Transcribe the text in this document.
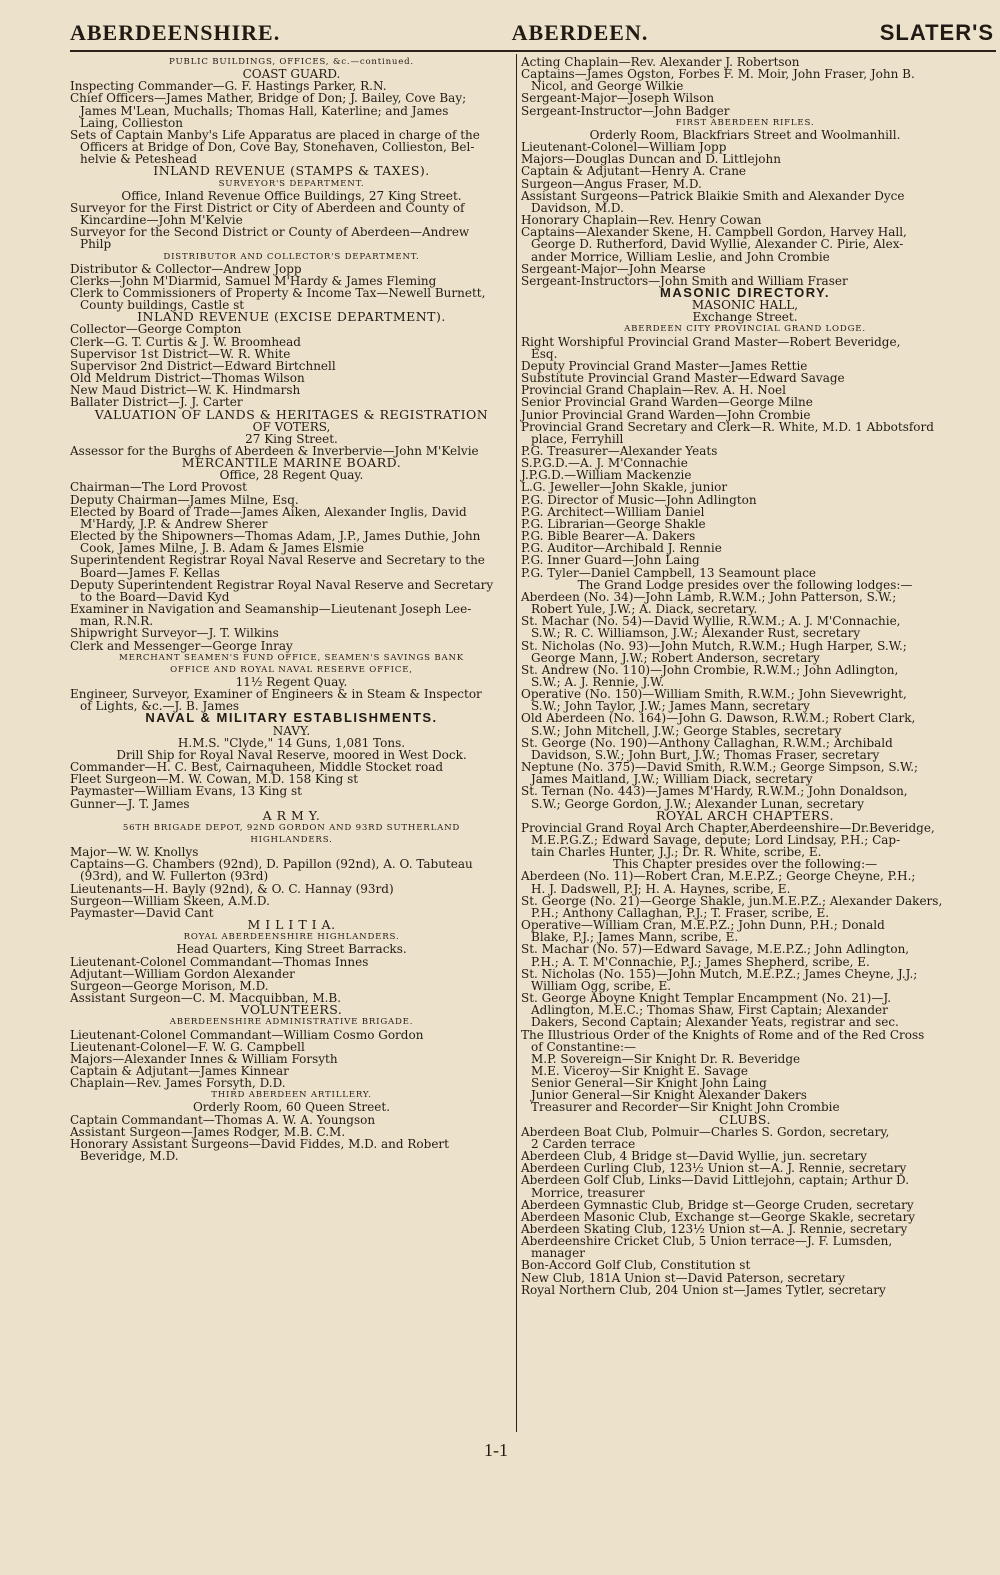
ABERDEENSHIRE.	ABERDEEN.	SLATER'S
PUBLIC BUILDINGS, OFFICES, &c.—continued.
COAST GUARD.
Inspecting Commander—G. F. Hastings Parker, R.N.
Chief Officers—James Mather, Bridge of Don; J. Bailey, Cove Bay;
James M'Lean, Muchalls; Thomas Hall, Katerline; and James
Laing, Collieston
Sets of Captain Manby's Life Apparatus are placed in charge of the
Officers at Bridge of Don, Cove Bay, Stonehaven, Collieston, Bel-
helvie & Peteshead
INLAND REVENUE (STAMPS & TAXES).
SURVEYOR'S DEPARTMENT.
Office, Inland Revenue Office Buildings, 27 King Street.
Surveyor for the First District or City of Aberdeen and County of
Kincardine—John M'Kelvie
Surveyor for the Second District or County of Aberdeen—Andrew
Philp
DISTRIBUTOR AND COLLECTOR'S DEPARTMENT.
Distributor & Collector—Andrew Jopp
Clerks—John M'Diarmid, Samuel M'Hardy & James Fleming
Clerk to Commissioners of Property & Income Tax—Newell Burnett,
County buildings, Castle st
INLAND REVENUE (EXCISE DEPARTMENT).
Collector—George Compton
Clerk—G. T. Curtis & J. W. Broomhead
Supervisor 1st District—W. R. White
Supervisor 2nd District—Edward Birtchnell
Old Meldrum District—Thomas Wilson
New Maud District—W. K. Hindmarsh
Ballater District—J. J. Carter
VALUATION OF LANDS & HERITAGES & REGISTRATION
OF VOTERS,
27 King Street.
Assessor for the Burghs of Aberdeen & Inverbervie—John M'Kelvie
MERCANTILE MARINE BOARD.
Office, 28 Regent Quay.
Chairman—The Lord Provost
Deputy Chairman—James Milne, Esq.
Elected by Board of Trade—James Aiken, Alexander Inglis, David
M'Hardy, J.P. & Andrew Sherer
Elected by the Shipowners—Thomas Adam, J.P., James Duthie, John
Cook, James Milne, J. B. Adam & James Elsmie
Superintendent Registrar Royal Naval Reserve and Secretary to the
Board—James F. Kellas
Deputy Superintendent Registrar Royal Naval Reserve and Secretary
to the Board—David Kyd
Examiner in Navigation and Seamanship—Lieutenant Joseph Lee-
man, R.N.R.
Shipwright Surveyor—J. T. Wilkins
Clerk and Messenger—George Inray
MERCHANT SEAMEN'S FUND OFFICE, SEAMEN'S SAVINGS BANK
OFFICE AND ROYAL NAVAL RESERVE OFFICE,
11½ Regent Quay.
Engineer, Surveyor, Examiner of Engineers & in Steam & Inspector
of Lights, &c.—J. B. James
NAVAL & MILITARY ESTABLISHMENTS.
NAVY.
H.M.S. "Clyde," 14 Guns, 1,081 Tons.
Drill Ship for Royal Naval Reserve, moored in West Dock.
Commander—H. C. Best, Cairnaquheen, Middle Stocket road
Fleet Surgeon—M. W. Cowan, M.D. 158 King st
Paymaster—William Evans, 13 King st
Gunner—J. T. James
A R M Y.
56TH BRIGADE DEPOT, 92ND GORDON AND 93RD SUTHERLAND
HIGHLANDERS.
Major—W. W. Knollys
Captains—G. Chambers (92nd), D. Papillon (92nd), A. O. Tabuteau
(93rd), and W. Fullerton (93rd)
Lieutenants—H. Bayly (92nd), & O. C. Hannay (93rd)
Surgeon—William Skeen, A.M.D.
Paymaster—David Cant
M I L I T I A.
ROYAL ABERDEENSHIRE HIGHLANDERS.
Head Quarters, King Street Barracks.
Lieutenant-Colonel Commandant—Thomas Innes
Adjutant—William Gordon Alexander
Surgeon—George Morison, M.D.
Assistant Surgeon—C. M. Macquibban, M.B.
VOLUNTEERS.
ABERDEENSHIRE ADMINISTRATIVE BRIGADE.
Lieutenant-Colonel Commandant—William Cosmo Gordon
Lieutenant-Colonel—F. W. G. Campbell
Majors—Alexander Innes & William Forsyth
Captain & Adjutant—James Kinnear
Chaplain—Rev. James Forsyth, D.D.
THIRD ABERDEEN ARTILLERY.
Orderly Room, 60 Queen Street.
Captain Commandant—Thomas A. W. A. Youngson
Assistant Surgeon—James Rodger, M.B. C.M.
Honorary Assistant Surgeons—David Fiddes, M.D. and Robert
Beveridge, M.D.
Acting Chaplain—Rev. Alexander J. Robertson
Captains—James Ogston, Forbes F. M. Moir, John Fraser, John B.
Nicol, and George Wilkie
Sergeant-Major—Joseph Wilson
Sergeant-Instructor—John Badger
FIRST ABERDEEN RIFLES.
Orderly Room, Blackfriars Street and Woolmanhill.
Lieutenant-Colonel—William Jopp
Majors—Douglas Duncan and D. Littlejohn
Captain & Adjutant—Henry A. Crane
Surgeon—Angus Fraser, M.D.
Assistant Surgeons—Patrick Blaikie Smith and Alexander Dyce
Davidson, M.D.
Honorary Chaplain—Rev. Henry Cowan
Captains—Alexander Skene, H. Campbell Gordon, Harvey Hall,
George D. Rutherford, David Wyllie, Alexander C. Pirie, Alex-
ander Morrice, William Leslie, and John Crombie
Sergeant-Major—John Mearse
Sergeant-Instructors—John Smith and William Fraser
MASONIC DIRECTORY.
MASONIC HALL,
Exchange Street.
ABERDEEN CITY PROVINCIAL GRAND LODGE.
Right Worshipful Provincial Grand Master—Robert Beveridge,
Esq.
Deputy Provincial Grand Master—James Rettie
Substitute Provincial Grand Master—Edward Savage
Provincial Grand Chaplain—Rev. A. H. Noel
Senior Provincial Grand Warden—George Milne
Junior Provincial Grand Warden—John Crombie
Provincial Grand Secretary and Clerk—R. White, M.D. 1 Abbotsford
place, Ferryhill
P.G. Treasurer—Alexander Yeats
S.P.G.D.—A. J. M'Connachie
J.P.G.D.—William Mackenzie
L.G. Jeweller—John Skakle, junior
P.G. Director of Music—John Adlington
P.G. Architect—William Daniel
P.G. Librarian—George Shakle
P.G. Bible Bearer—A. Dakers
P.G. Auditor—Archibald J. Rennie
P.G. Inner Guard—John Laing
P.G. Tyler—Daniel Campbell, 13 Seamount place
The Grand Lodge presides over the following lodges:—
Aberdeen (No. 34)—John Lamb, R.W.M.; John Patterson, S.W.;
Robert Yule, J.W.; A. Diack, secretary.
St. Machar (No. 54)—David Wyllie, R.W.M.; A. J. M'Connachie,
S.W.; R. C. Williamson, J.W.; Alexander Rust, secretary
St. Nicholas (No. 93)—John Mutch, R.W.M.; Hugh Harper, S.W.;
George Mann, J.W.; Robert Anderson, secretary
St. Andrew (No. 110)—John Crombie, R.W.M.; John Adlington,
S.W.; A. J. Rennie, J.W.
Operative (No. 150)—William Smith, R.W.M.; John Sievewright,
S.W.; John Taylor, J.W.; James Mann, secretary
Old Aberdeen (No. 164)—John G. Dawson, R.W.M.; Robert Clark,
S.W.; John Mitchell, J.W.; George Stables, secretary
St. George (No. 190)—Anthony Callaghan, R.W.M.; Archibald
Davidson, S.W.; John Burt, J.W.; Thomas Fraser, secretary
Neptune (No. 375)—David Smith, R.W.M.; George Simpson, S.W.;
James Maitland, J.W.; William Diack, secretary
St. Ternan (No. 443)—James M'Hardy, R.W.M.; John Donaldson,
S.W.; George Gordon, J.W.; Alexander Lunan, secretary
ROYAL ARCH CHAPTERS.
Provincial Grand Royal Arch Chapter,Aberdeenshire—Dr.Beveridge,
M.E.P.G.Z.; Edward Savage, depute; Lord Lindsay, P.H.; Cap-
tain Charles Hunter, J.J.; Dr. R. White, scribe, E.
This Chapter presides over the following:—
Aberdeen (No. 11)—Robert Cran, M.E.P.Z.; George Cheyne, P.H.;
H. J. Dadswell, P.J; H. A. Haynes, scribe, E.
St. George (No. 21)—George Shakle, jun.M.E.P.Z.; Alexander Dakers,
P.H.; Anthony Callaghan, P.J.; T. Fraser, scribe, E.
Operative—William Cran, M.E.P.Z.; John Dunn, P.H.; Donald
Blake, P.J.; James Mann, scribe, E.
St. Machar (No. 57)—Edward Savage, M.E.P.Z.; John Adlington,
P.H.; A. T. M'Connachie, P.J.; James Shepherd, scribe, E.
St. Nicholas (No. 155)—John Mutch, M.E.P.Z.; James Cheyne, J.J.;
William Ogg, scribe, E.
St. George Aboyne Knight Templar Encampment (No. 21)—J.
Adlington, M.E.C.; Thomas Shaw, First Captain; Alexander
Dakers, Second Captain; Alexander Yeats, registrar and sec.
The Illustrious Order of the Knights of Rome and of the Red Cross
of Constantine:—
M.P. Sovereign—Sir Knight Dr. R. Beveridge
M.E. Viceroy—Sir Knight E. Savage
Senior General—Sir Knight John Laing
Junior General—Sir Knight Alexander Dakers
Treasurer and Recorder—Sir Knight John Crombie
CLUBS.
Aberdeen Boat Club, Polmuir—Charles S. Gordon, secretary,
2 Carden terrace
Aberdeen Club, 4 Bridge st—David Wyllie, jun. secretary
Aberdeen Curling Club, 123½ Union st—A. J. Rennie, secretary
Aberdeen Golf Club, Links—David Littlejohn, captain; Arthur D.
Morrice, treasurer
Aberdeen Gymnastic Club, Bridge st—George Cruden, secretary
Aberdeen Masonic Club, Exchange st—George Skakle, secretary
Aberdeen Skating Club, 123½ Union st—A. J. Rennie, secretary
Aberdeenshire Cricket Club, 5 Union terrace—J. F. Lumsden,
manager
Bon-Accord Golf Club, Constitution st
New Club, 181A Union st—David Paterson, secretary
Royal Northern Club, 204 Union st—James Tytler, secretary
1-1
